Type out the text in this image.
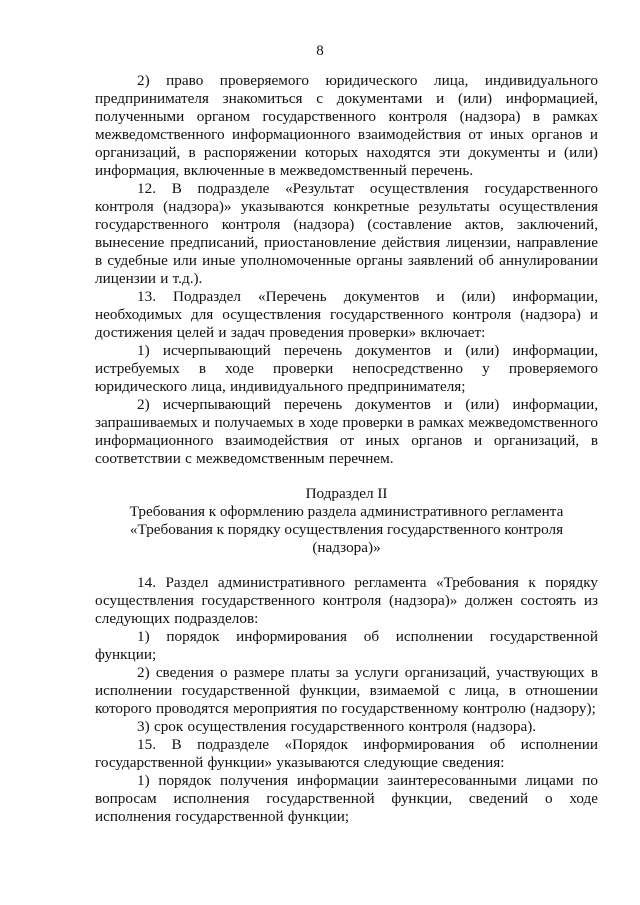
8

2) право проверяемого юридического лица, индивидуального предпринимателя знакомиться с документами и (или) информацией, полученными органом государственного контроля (надзора) в рамках межведомственного информационного взаимодействия от иных органов и организаций, в распоряжении которых находятся эти документы и (или) информация, включенные в межведомственный перечень.

12. В подразделе «Результат осуществления государственного контроля (надзора)» указываются конкретные результаты осуществления государственного контроля (надзора) (составление актов, заключений, вынесение предписаний, приостановление действия лицензии, направление в судебные или иные уполномоченные органы заявлений об аннулировании лицензии и т.д.).

13. Подраздел «Перечень документов и (или) информации, необходимых для осуществления государственного контроля (надзора) и достижения целей и задач проведения проверки» включает:

1) исчерпывающий перечень документов и (или) информации, истребуемых в ходе проверки непосредственно у проверяемого юридического лица, индивидуального предпринимателя;

2) исчерпывающий перечень документов и (или) информации, запрашиваемых и получаемых в ходе проверки в рамках межведомственного информационного взаимодействия от иных органов и организаций, в соответствии с межведомственным перечнем.

Подраздел II
Требования к оформлению раздела административного регламента
«Требования к порядку осуществления государственного контроля
(надзора)»

14. Раздел административного регламента «Требования к порядку осуществления государственного контроля (надзора)» должен состоять из следующих подразделов:

1) порядок информирования об исполнении государственной функции;

2) сведения о размере платы за услуги организаций, участвующих в исполнении государственной функции, взимаемой с лица, в отношении которого проводятся мероприятия по государственному контролю (надзору);

3) срок осуществления государственного контроля (надзора).

15. В подразделе «Порядок информирования об исполнении государственной функции» указываются следующие сведения:

1) порядок получения информации заинтересованными лицами по вопросам исполнения государственной функции, сведений о ходе исполнения государственной функции;
